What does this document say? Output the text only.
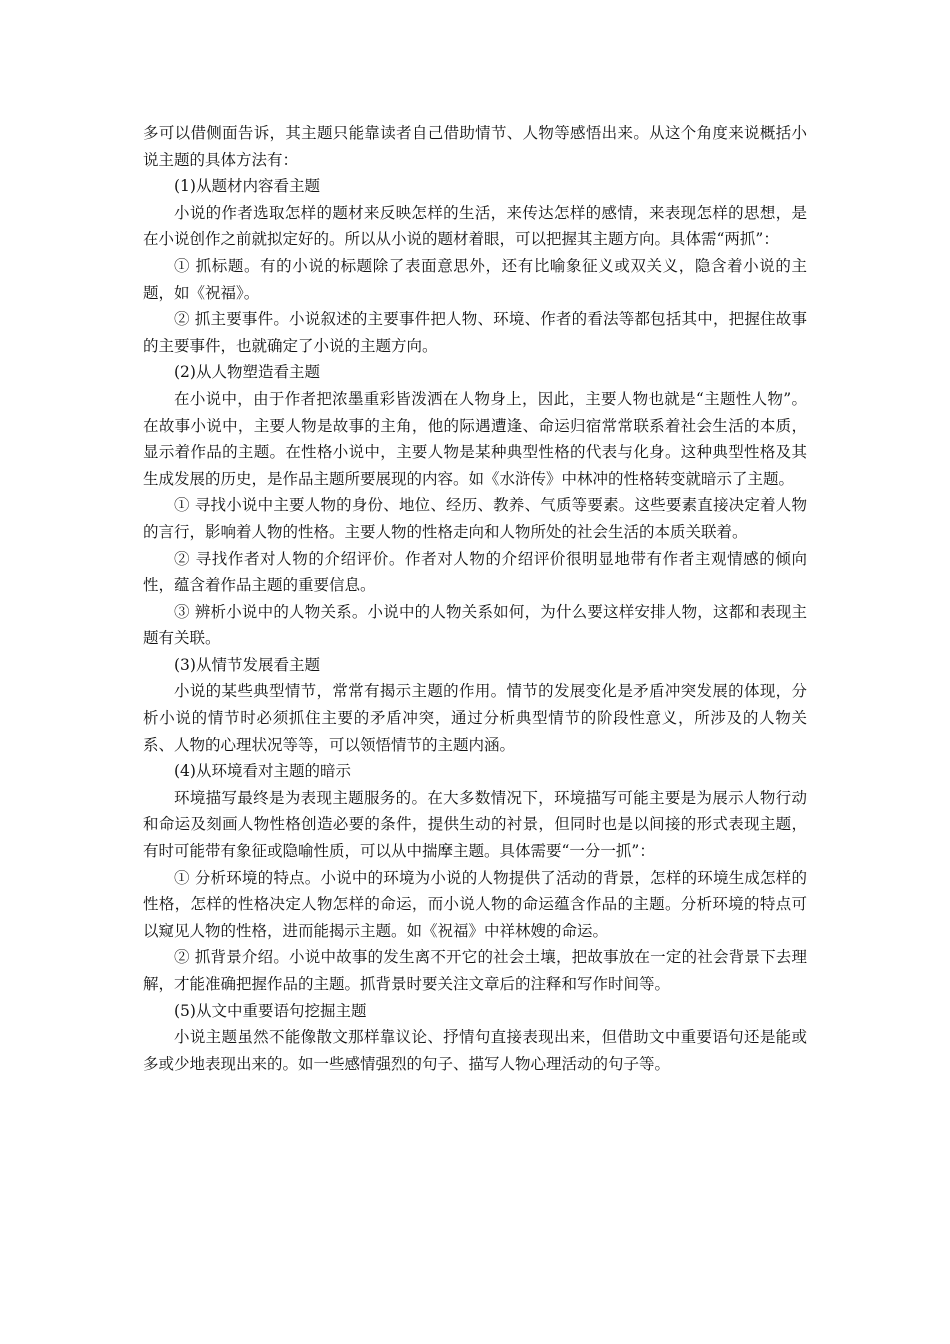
多可以借侧面告诉，其主题只能靠读者自己借助情节、人物等感悟出来。从这个角度来说概括小说主题的具体方法有：

(1)从题材内容看主题

小说的作者选取怎样的题材来反映怎样的生活，来传达怎样的感情，来表现怎样的思想，是在小说创作之前就拟定好的。所以从小说的题材着眼，可以把握其主题方向。具体需“两抓”：

① 抓标题。有的小说的标题除了表面意思外，还有比喻象征义或双关义，隐含着小说的主题，如《祝福》。

② 抓主要事件。小说叙述的主要事件把人物、环境、作者的看法等都包括其中，把握住故事的主要事件，也就确定了小说的主题方向。

(2)从人物塑造看主题

在小说中，由于作者把浓墨重彩皆泼洒在人物身上，因此，主要人物也就是“主题性人物”。在故事小说中，主要人物是故事的主角，他的际遇遭逢、命运归宿常常联系着社会生活的本质，显示着作品的主题。在性格小说中，主要人物是某种典型性格的代表与化身。这种典型性格及其生成发展的历史，是作品主题所要展现的内容。如《水浒传》中林冲的性格转变就暗示了主题。

① 寻找小说中主要人物的身份、地位、经历、教养、气质等要素。这些要素直接决定着人物的言行，影响着人物的性格。主要人物的性格走向和人物所处的社会生活的本质关联着。

② 寻找作者对人物的介绍评价。作者对人物的介绍评价很明显地带有作者主观情感的倾向性，蕴含着作品主题的重要信息。

③ 辨析小说中的人物关系。小说中的人物关系如何，为什么要这样安排人物，这都和表现主题有关联。

(3)从情节发展看主题

小说的某些典型情节，常常有揭示主题的作用。情节的发展变化是矛盾冲突发展的体现，分析小说的情节时必须抓住主要的矛盾冲突，通过分析典型情节的阶段性意义，所涉及的人物关系、人物的心理状况等等，可以领悟情节的主题内涵。

(4)从环境看对主题的暗示

环境描写最终是为表现主题服务的。在大多数情况下，环境描写可能主要是为展示人物行动和命运及刻画人物性格创造必要的条件，提供生动的衬景，但同时也是以间接的形式表现主题，有时可能带有象征或隐喻性质，可以从中揣摩主题。具体需要“一分一抓”：

① 分析环境的特点。小说中的环境为小说的人物提供了活动的背景，怎样的环境生成怎样的性格，怎样的性格决定人物怎样的命运，而小说人物的命运蕴含作品的主题。分析环境的特点可以窥见人物的性格，进而能揭示主题。如《祝福》中祥林嫂的命运。

② 抓背景介绍。小说中故事的发生离不开它的社会土壤，把故事放在一定的社会背景下去理解，才能准确把握作品的主题。抓背景时要关注文章后的注释和写作时间等。

(5)从文中重要语句挖掘主题

小说主题虽然不能像散文那样靠议论、抒情句直接表现出来，但借助文中重要语句还是能或多或少地表现出来的。如一些感情强烈的句子、描写人物心理活动的句子等。
